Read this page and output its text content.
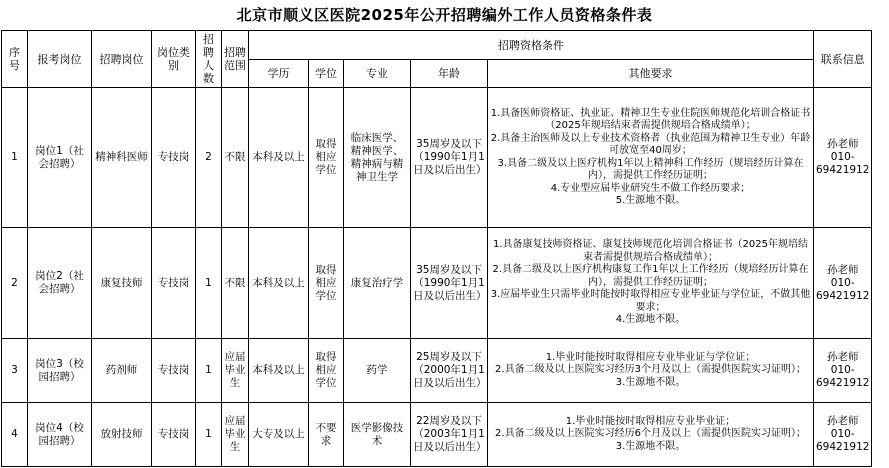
北京市顺义区医院2025年公开招聘编外工作人员资格条件表
序号	报考岗位	招聘岗位	岗位类别	招聘人数	招聘范围	招聘资格条件					联系信息
						学历	学位	专业	年龄	其他要求	
1	岗位1（社会招聘）	精神科医师	专技岗	2	不限	本科及以上	取得相应学位	临床医学、精神医学、精神病与精神卫生学	35周岁及以下（1990年1月1日及以后出生）	1.具备医师资格证、执业证、精神卫生专业住院医师规范化培训合格证书（2025年规培结束者需提供规培合格成绩单）；
2.具备主治医师及以上专业技术资格者（执业范围为精神卫生专业）年龄可放宽至40周岁；
3.具备二级及以上医疗机构1年以上精神科工作经历（规培经历计算在内），需提供工作经历证明；
4.专业型应届毕业研究生不做工作经历要求；
5.生源地不限。	孙老师010-69421912
2	岗位2（社会招聘）	康复技师	专技岗	1	不限	本科及以上	取得相应学位	康复治疗学	35周岁及以下（1990年1月1日及以后出生）	1.具备康复技师资格证、康复技师规范化培训合格证书（2025年规培结束者需提供规培合格成绩单）；
2.具备二级及以上医疗机构康复工作1年以上工作经历（规培经历计算在内），需提供工作经历证明；
3.应届毕业生只需毕业时能按时取得相应专业毕业证与学位证，不做其他要求；
4.生源地不限。	孙老师010-69421912
3	岗位3（校园招聘）	药剂师	专技岗	1	应届毕业生	本科及以上	取得相应学位	药学	25周岁及以下（2000年1月1日及以后出生）	1.毕业时能按时取得相应专业毕业证与学位证；
2.具备二级及以上医院实习经历3个月及以上（需提供医院实习证明）；
3.生源地不限。	孙老师010-69421912
4	岗位4（校园招聘）	放射技师	专技岗	1	应届毕业生	大专及以上	不要求	医学影像技术	22周岁及以下（2003年1月1日及以后出生）	1.毕业时能按时取得相应专业毕业证；
2.具备二级及以上医院实习经历6个月及以上（需提供医院实习证明）；
3.生源地不限。	孙老师010-69421912
